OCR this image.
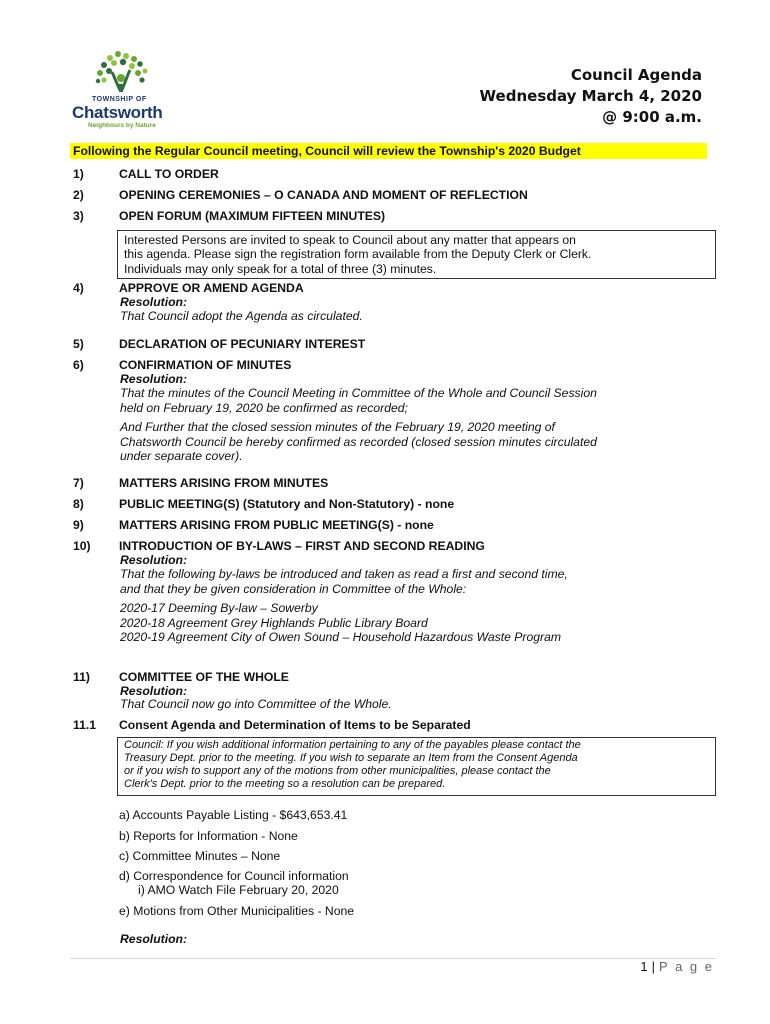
TOWNSHIP OF
Chatsworth
Neighbours by Nature
Council Agenda
Wednesday March 4, 2020
@ 9:00 a.m.
Following the Regular Council meeting, Council will review the Township's 2020 Budget
1)	CALL TO ORDER
2)	OPENING CEREMONIES – O CANADA AND MOMENT OF REFLECTION
3)	OPEN FORUM (MAXIMUM FIFTEEN MINUTES)
Interested Persons are invited to speak to Council about any matter that appears on
this agenda. Please sign the registration form available from the Deputy Clerk or Clerk.
Individuals may only speak for a total of three (3) minutes.
4)	APPROVE OR AMEND AGENDA
Resolution:
That Council adopt the Agenda as circulated.
5)	DECLARATION OF PECUNIARY INTEREST
6)	CONFIRMATION OF MINUTES
Resolution:
That the minutes of the Council Meeting in Committee of the Whole and Council Session
held on February 19, 2020 be confirmed as recorded;
And Further that the closed session minutes of the February 19, 2020 meeting of
Chatsworth Council be hereby confirmed as recorded (closed session minutes circulated
under separate cover).
7)	MATTERS ARISING FROM MINUTES
8)	PUBLIC MEETING(S) (Statutory and Non-Statutory) - none
9)	MATTERS ARISING FROM PUBLIC MEETING(S) - none
10) INTRODUCTION OF BY-LAWS – FIRST AND SECOND READING
Resolution:
That the following by-laws be introduced and taken as read a first and second time,
and that they be given consideration in Committee of the Whole:
2020-17 Deeming By-law – Sowerby
2020-18 Agreement Grey Highlands Public Library Board
2020-19 Agreement City of Owen Sound – Household Hazardous Waste Program
11) COMMITTEE OF THE WHOLE
Resolution:
That Council now go into Committee of the Whole.
11.1 Consent Agenda and Determination of Items to be Separated
Council: If you wish additional information pertaining to any of the payables please contact the
Treasury Dept. prior to the meeting. If you wish to separate an Item from the Consent Agenda
or if you wish to support any of the motions from other municipalities, please contact the
Clerk's Dept. prior to the meeting so a resolution can be prepared.
a) Accounts Payable Listing - $643,653.41
b) Reports for Information - None
c) Committee Minutes – None
d) Correspondence for Council information
i) AMO Watch File February 20, 2020
e) Motions from Other Municipalities - None
Resolution:
1 | P a g e
